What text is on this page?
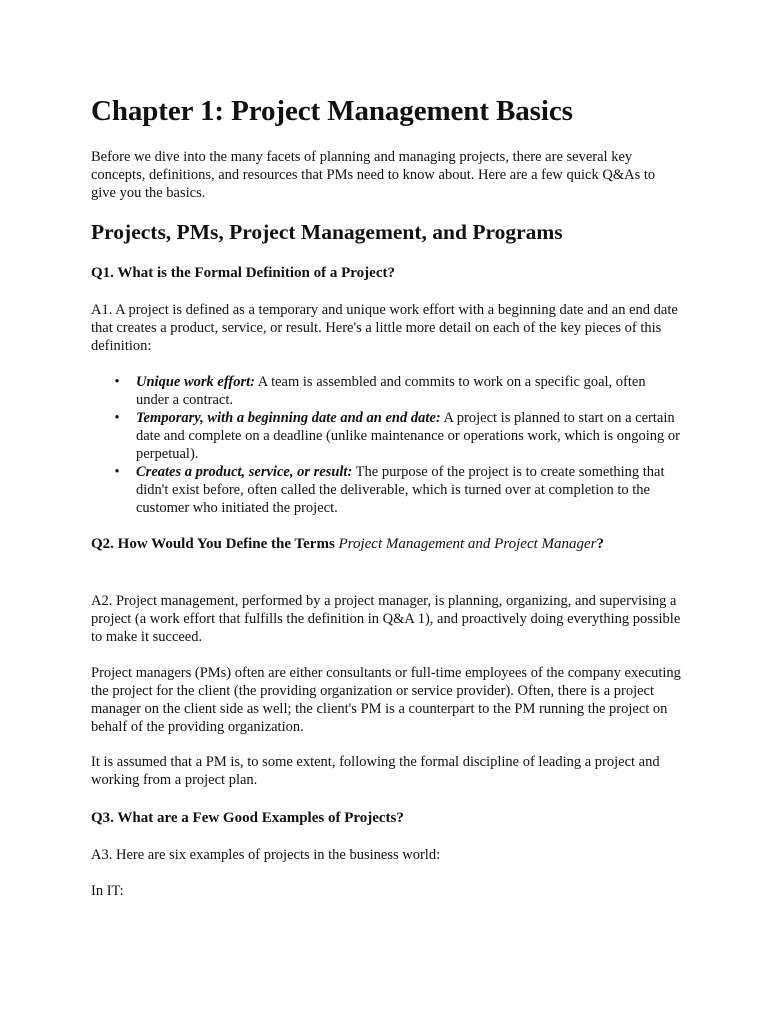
Chapter 1: Project Management Basics

Before we dive into the many facets of planning and managing projects, there are several key concepts, definitions, and resources that PMs need to know about. Here are a few quick Q&As to give you the basics.

Projects, PMs, Project Management, and Programs
Q1. What is the Formal Definition of a Project?

A1. A project is defined as a temporary and unique work effort with a beginning date and an end date that creates a product, service, or result. Here's a little more detail on each of the key pieces of this definition:

• Unique work effort: A team is assembled and commits to work on a specific goal, often under a contract.
• Temporary, with a beginning date and an end date: A project is planned to start on a certain date and complete on a deadline (unlike maintenance or operations work, which is ongoing or perpetual).
• Creates a product, service, or result: The purpose of the project is to create something that didn't exist before, often called the deliverable, which is turned over at completion to the customer who initiated the project.
Q2. How Would You Define the Terms Project Management and Project Manager?

A2. Project management, performed by a project manager, is planning, organizing, and supervising a project (a work effort that fulfills the definition in Q&A 1), and proactively doing everything possible to make it succeed.

Project managers (PMs) often are either consultants or full-time employees of the company executing the project for the client (the providing organization or service provider). Often, there is a project manager on the client side as well; the client's PM is a counterpart to the PM running the project on behalf of the providing organization.

It is assumed that a PM is, to some extent, following the formal discipline of leading a project and working from a project plan.

Q3. What are a Few Good Examples of Projects?

A3. Here are six examples of projects in the business world:

In IT:
